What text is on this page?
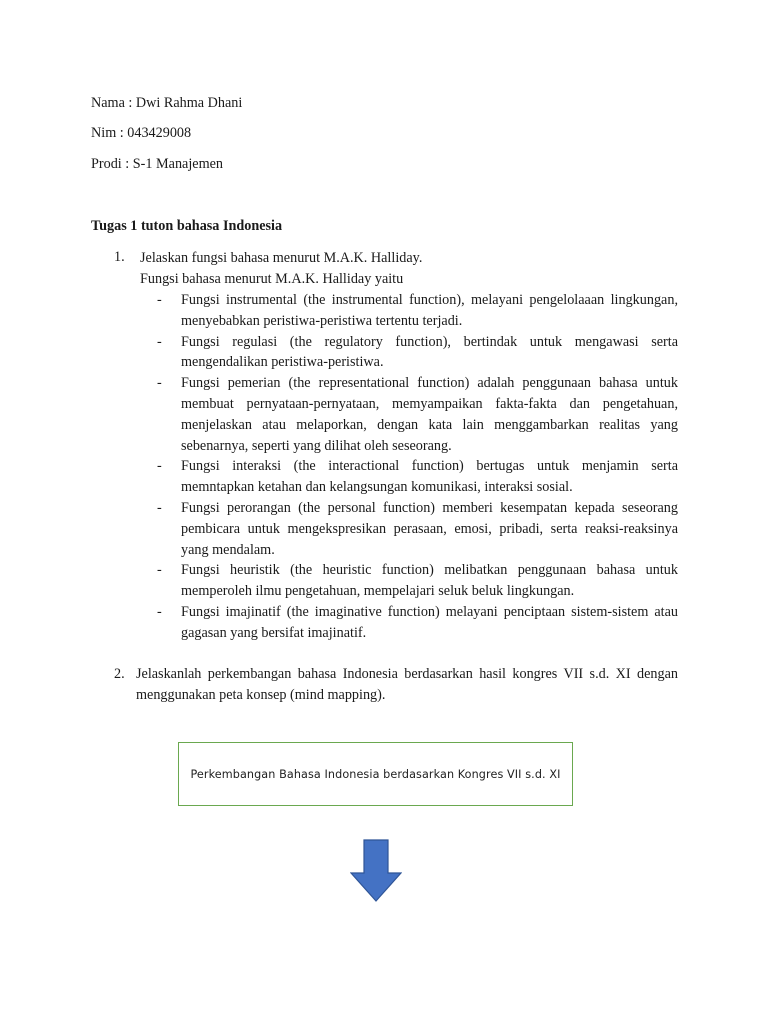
Nama : Dwi Rahma Dhani
Nim : 043429008
Prodi : S-1 Manajemen
Tugas 1 tuton bahasa Indonesia
1. Jelaskan fungsi bahasa menurut M.A.K. Halliday.
Fungsi bahasa menurut M.A.K. Halliday yaitu
- Fungsi instrumental (the instrumental function), melayani pengelolaaan lingkungan, menyebabkan peristiwa-peristiwa tertentu terjadi.
- Fungsi regulasi (the regulatory function), bertindak untuk mengawasi serta mengendalikan peristiwa-peristiwa.
- Fungsi pemerian (the representational function) adalah penggunaan bahasa untuk membuat pernyataan-pernyataan, memyampaikan fakta-fakta dan pengetahuan, menjelaskan atau melaporkan, dengan kata lain menggambarkan realitas yang sebenarnya, seperti yang dilihat oleh seseorang.
- Fungsi interaksi (the interactional function) bertugas untuk menjamin serta memntapkan ketahan dan kelangsungan komunikasi, interaksi sosial.
- Fungsi perorangan (the personal function) memberi kesempatan kepada seseorang pembicara untuk mengekspresikan perasaan, emosi, pribadi, serta reaksi-reaksinya yang mendalam.
- Fungsi heuristik (the heuristic function) melibatkan penggunaan bahasa untuk memperoleh ilmu pengetahuan, mempelajari seluk beluk lingkungan.
- Fungsi imajinatif (the imaginative function) melayani penciptaan sistem-sistem atau gagasan yang bersifat imajinatif.
2. Jelaskanlah perkembangan bahasa Indonesia berdasarkan hasil kongres VII s.d. XI dengan menggunakan peta konsep (mind mapping).
Perkembangan Bahasa Indonesia berdasarkan Kongres VII s.d. XI
